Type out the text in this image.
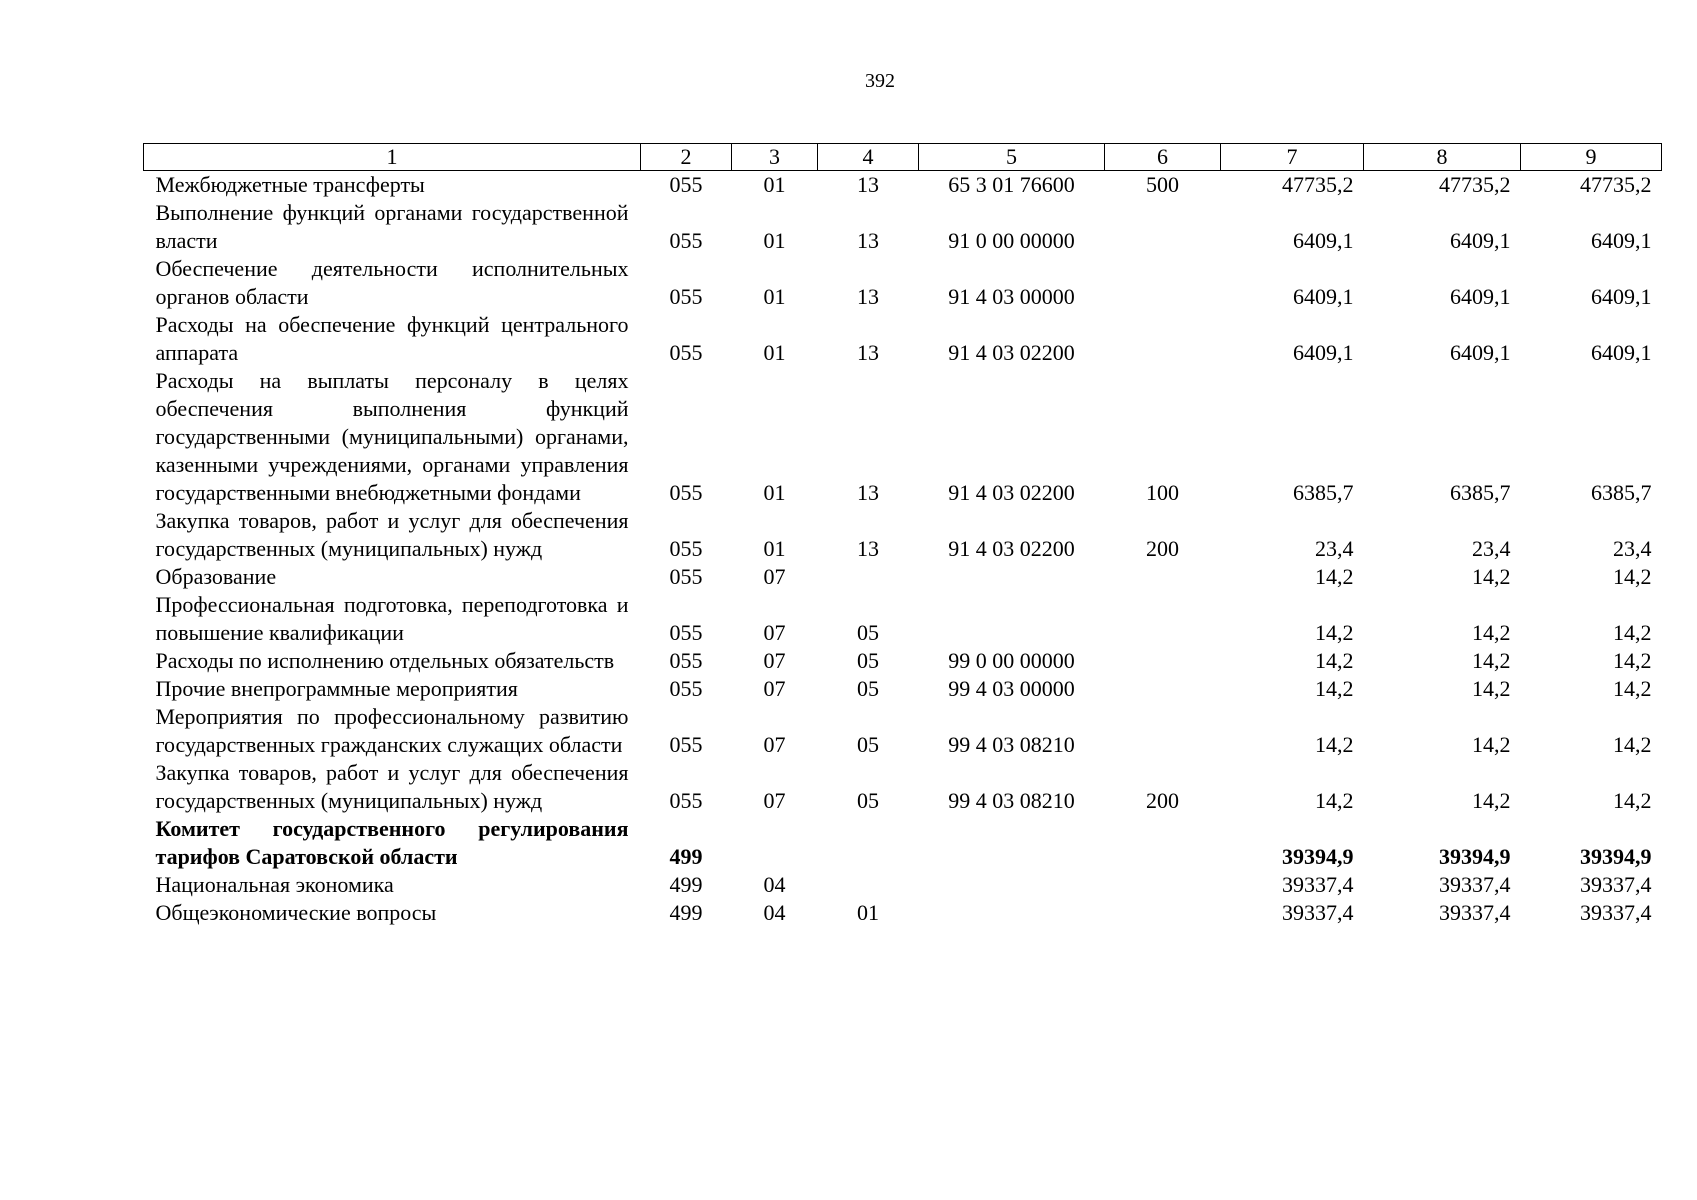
392
1	2	3	4	5	6	7	8	9
Межбюджетные трансферты	055	01	13	65 3 01 76600	500	47735,2	47735,2	47735,2
Выполнение функций органами государственной власти	055	01	13	91 0 00 00000		6409,1	6409,1	6409,1
Обеспечение деятельности исполнительных органов области	055	01	13	91 4 03 00000		6409,1	6409,1	6409,1
Расходы на обеспечение функций центрального аппарата	055	01	13	91 4 03 02200		6409,1	6409,1	6409,1
Расходы на выплаты персоналу в целях обеспечения выполнения функций государственными (муниципальными) органами, казенными учреждениями, органами управления государственными внебюджетными фондами	055	01	13	91 4 03 02200	100	6385,7	6385,7	6385,7
Закупка товаров, работ и услуг для обеспечения государственных (муниципальных) нужд	055	01	13	91 4 03 02200	200	23,4	23,4	23,4
Образование	055	07				14,2	14,2	14,2
Профессиональная подготовка, переподготовка и повышение квалификации	055	07	05			14,2	14,2	14,2
Расходы по исполнению отдельных обязательств	055	07	05	99 0 00 00000		14,2	14,2	14,2
Прочие внепрограммные мероприятия	055	07	05	99 4 03 00000		14,2	14,2	14,2
Мероприятия по профессиональному развитию государственных гражданских служащих области	055	07	05	99 4 03 08210		14,2	14,2	14,2
Закупка товаров, работ и услуг для обеспечения государственных (муниципальных) нужд	055	07	05	99 4 03 08210	200	14,2	14,2	14,2
Комитет государственного регулирования тарифов Саратовской области	499					39394,9	39394,9	39394,9
Национальная экономика	499	04				39337,4	39337,4	39337,4
Общеэкономические вопросы	499	04	01			39337,4	39337,4	39337,4
